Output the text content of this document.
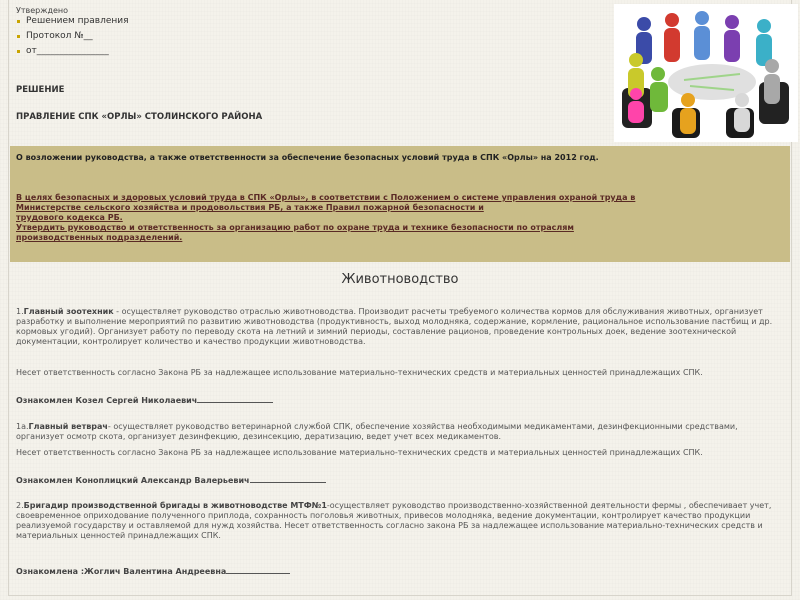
Утверждено

Решением правления
Протокол №__
от________________

РЕШЕНИЕ

ПРАВЛЕНИЕ СПК «ОРЛЫ» СТОЛИНСКОГО РАЙОНА

О возложении руководства, а также ответственности за обеспечение безопасных условий труда в СПК «Орлы» на 2012 год.

В целях безопасных и здоровых условий труда в СПК «Орлы», в соответствии с Положением о системе управления охраной труда в
Министерстве сельского хозяйства и продовольствия РБ, а также Правил пожарной безопасности и
трудового кодекса РБ.
Утвердить руководство и ответственность за организацию работ по охране труда и технике безопасности по отраслям
производственных подразделений.

Животноводство

1.Главный зоотехник - осуществляет руководство отраслью животноводства. Производит расчеты требуемого количества кормов для обслуживания животных, организует разработку и выполнение мероприятий по развитию животноводства (продуктивность, выход молодняка, содержание, кормление, рациональное использование пастбищ и др. кормовых угодий). Организует работу по переводу скота на летний и зимний периоды, составление рационов, проведение контрольных доек, ведение зоотехнической документации, контролирует количество и качество продукции животноводства.

Несет ответственность согласно Закона РБ за надлежащее использование материально-технических средств и материальных ценностей принадлежащих СПК.

Ознакомлен Козел Сергей Николаевич

1а.Главный ветврач- осуществляет руководство ветеринарной службой СПК, обеспечение хозяйства необходимыми медикаментами, дезинфекционными средствами, организует осмотр скота, организует дезинфекцию, дезинсекцию, дератизацию, ведет учет всех медикаментов.

Несет ответственность согласно Закона РБ за надлежащее использование материально-технических средств и материальных ценностей принадлежащих СПК.

Ознакомлен Коноплицкий Александр Валерьевич

2.Бригадир производственной бригады в животноводстве МТФ№1-осуществляет руководство производственно-хозяйственной деятельности фермы , обеспечивает учет, своевременное оприходование полученного приплода, сохранность поголовья животных, привесов молодняка, ведение документации, контролирует качество продукции реализуемой государству и оставляемой для нужд хозяйства. Несет ответственность согласно закона РБ за надлежащее использование материально-технических средств и материальных ценностей принадлежащих СПК.

Ознакомлена :Жоглич Валентина Андреевна
